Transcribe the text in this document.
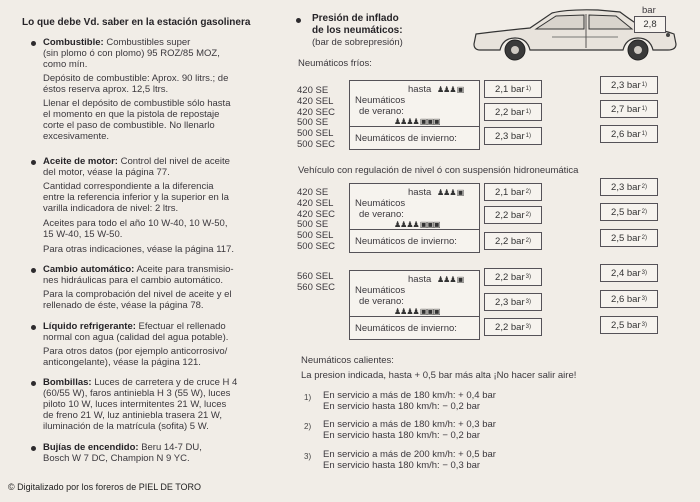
Lo que debe Vd. saber en la estación gasolinera
Combustible: Combustibles super
(sin plomo ó con plomo) 95 ROZ/85 MOZ,
como mín.
Depósito de combustible: Aprox. 90 litrs.; de
éstos reserva aprox. 12,5 ltrs.
Llenar el depósito de combustible sólo hasta
el momento en que la pistola de repostaje
corte el paso de combustible. No llenarlo
excesivamente.
Aceite de motor: Control del nivel de aceite
del motor, véase la página 77.
Cantidad correspondiente a la diferencia
entre la referencia inferior y la superior en la
varilla indicadora de nivel: 2 ltrs.
Aceites para todo el año 10 W-40, 10 W-50,
15 W-40, 15 W-50.
Para otras indicaciones, véase la página 117.
Cambio automático: Aceite para transmisio-
nes hidráulicas para el cambio automático.
Para la comprobación del nivel de aceite y el
rellenado de éste, véase la página 78.
Líquido refrigerante: Efectuar el rellenado
normal con agua (calidad del agua potable).
Para otros datos (por ejemplo anticorrosivo/
anticongelante), véase la página 121.
Bombillas: Luces de carretera y de cruce H 4
(60/55 W), faros antiniebla H 3 (55 W), luces
piloto 10 W, luces intermitentes 21 W, luces
de freno 21 W, luz antiniebla trasera 21 W,
iluminación de la matrícula (sofita) 5 W.
Bujías de encendido: Beru 14-7 DU,
Bosch W 7 DC, Champion N 9 YC.
Presión de inflado
de los neumáticos:
(bar de sobrepresión)
bar
2,8
Neumáticos fríos:
420 SE
420 SEL
420 SEC
500 SE
500 SEL
500 SEC
hasta ♟♟♟ ▣
Neumáticos
de verano:
♟♟♟♟ ▣▣▣
Neumáticos de invierno:
2,1 bar 1)
2,2 bar 1)
2,3 bar 1)
2,3 bar 1)
2,7 bar 1)
2,6 bar 1)
Vehículo con regulación de nivel ó con suspensión hidroneumática
420 SE
420 SEL
420 SEC
500 SE
500 SEL
500 SEC
hasta ♟♟♟ ▣
Neumáticos
de verano:
♟♟♟♟ ▣▣▣
Neumáticos de invierno:
2,1 bar 2)
2,2 bar 2)
2,2 bar 2)
2,3 bar 2)
2,5 bar 2)
2,5 bar 2)
560 SEL
560 SEC
hasta ♟♟♟ ▣
Neumáticos
de verano:
♟♟♟♟ ▣▣▣
Neumáticos de invierno:
2,2 bar 3)
2,3 bar 3)
2,2 bar 3)
2,4 bar 3)
2,6 bar 3)
2,5 bar 3)
Neumáticos calientes:
La presion indicada, hasta + 0,5 bar más alta ¡No hacer salir aire!
1) En servicio a más de 180 km/h: + 0,4 bar
En servicio hasta 180 km/h: − 0,2 bar
2) En servicio a más de 180 km/h: + 0,3 bar
En servicio hasta 180 km/h: − 0,2 bar
3) En servicio a más de 200 km/h: + 0,5 bar
En servicio hasta 180 km/h: − 0,3 bar
© Digitalizado por los foreros de PIEL DE TORO
